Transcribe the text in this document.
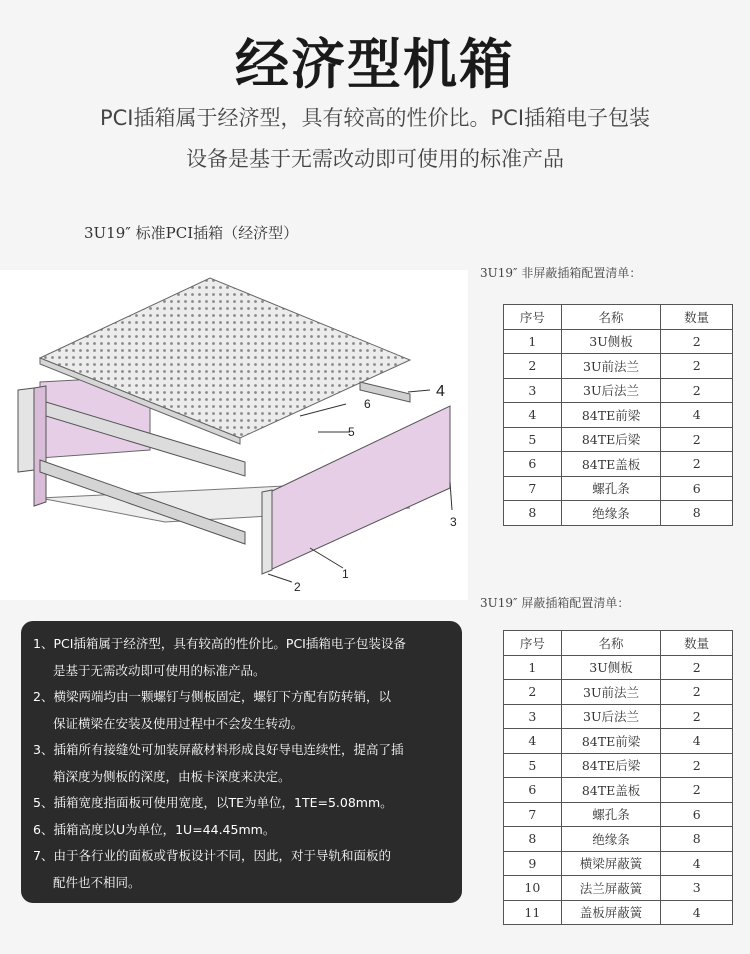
经济型机箱
PCI插箱属于经济型，具有较高的性价比。PCI插箱电子包装
设备是基于无需改动即可使用的标准产品
3U19″ 标准PCI插箱（经济型）
6
4
5
3
1
2
3U19″ 非屏蔽插箱配置清单：
序号	名称	数量
1	3U侧板	2
2	3U前法兰	2
3	3U后法兰	2
4	84TE前梁	4
5	84TE后梁	2
6	84TE盖板	2
7	螺孔条	6
8	绝缘条	8
3U19″ 屏蔽插箱配置清单：
序号	名称	数量
1	3U侧板	2
2	3U前法兰	2
3	3U后法兰	2
4	84TE前梁	4
5	84TE后梁	2
6	84TE盖板	2
7	螺孔条	6
8	绝缘条	8
9	横梁屏蔽簧	4
10	法兰屏蔽簧	3
11	盖板屏蔽簧	4
1、PCI插箱属于经济型，具有较高的性价比。PCI插箱电子包装设备
是基于无需改动即可使用的标准产品。
2、横梁两端均由一颗螺钉与侧板固定，螺钉下方配有防转销，以
保证横梁在安装及使用过程中不会发生转动。
3、插箱所有接缝处可加装屏蔽材料形成良好导电连续性，提高了插
箱深度为侧板的深度，由板卡深度来决定。
5、插箱宽度指面板可使用宽度，以TE为单位，1TE=5.08mm。
6、插箱高度以U为单位，1U=44.45mm。
7、由于各行业的面板或背板设计不同，因此，对于导轨和面板的
配件也不相同。
